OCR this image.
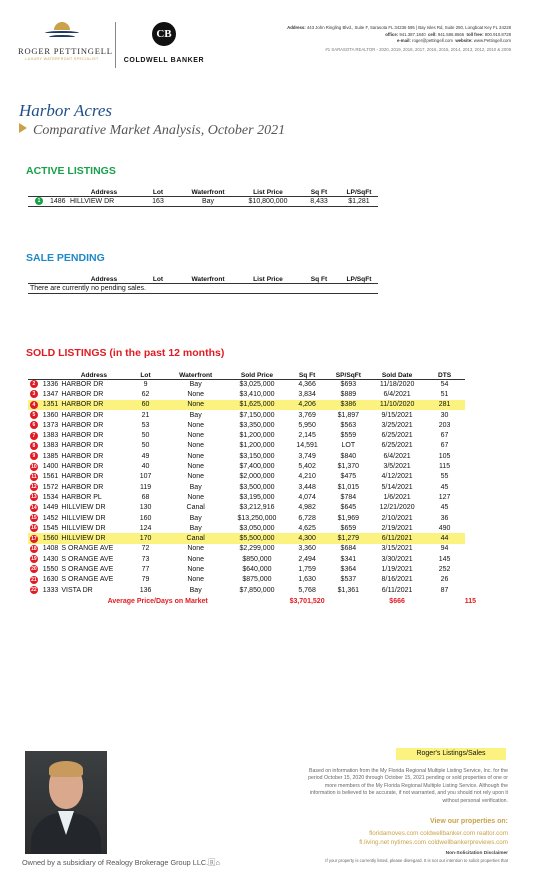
ROGER PETTINGELL
LUXURY WATERFRONT SPECIALIST
CB
COLDWELL BANKER
Address: 443 John Ringling Blvd., Suite F, Sarasota FL 34236 595 | Bay Isles Rd, Suite 250, Longboat Key FL 34228
office: 941.387.1840 cell: 941.586.8666 toll free: 800.910.8728
e-mail: roger@pettingell.com website: www.Pettingell.com
#1 SARASOTA REALTOR - 2020, 2019, 2018, 2017, 2016, 2015, 2014, 2013, 2012, 2010 & 2008
Harbor Acres
Comparative Market Analysis, October 2021
ACTIVE LISTINGS
		Address	Lot	Waterfront	List Price	Sq Ft	LP/SqFt
1	1486	HILLVIEW DR	163	Bay	$10,800,000	8,433	$1,281
SALE PENDING
	Address	Lot	Waterfront	List Price	Sq Ft	LP/SqFt
There are currently no pending sales.
SOLD LISTINGS (in the past 12 months)
		Address	Lot	Waterfront	Sold Price	Sq Ft	SP/SqFt	Sold Date	DTS	
2	1336	HARBOR DR	9	Bay	$3,025,000	4,366	$693	11/18/2020	54	
3	1347	HARBOR DR	62	None	$3,410,000	3,834	$889	6/4/2021	51	
4	1351	HARBOR DR	60	None	$1,625,000	4,206	$386	11/10/2020	281	
5	1360	HARBOR DR	21	Bay	$7,150,000	3,769	$1,897	9/15/2021	30	
6	1373	HARBOR DR	53	None	$3,350,000	5,950	$563	3/25/2021	203	
7	1383	HARBOR DR	50	None	$1,200,000	2,145	$559	6/25/2021	67	
8	1383	HARBOR DR	50	None	$1,200,000	14,591	LOT	6/25/2021	67	
9	1385	HARBOR DR	49	None	$3,150,000	3,749	$840	6/4/2021	105	
10	1400	HARBOR DR	40	None	$7,400,000	5,402	$1,370	3/5/2021	115	
11	1561	HARBOR DR	107	None	$2,000,000	4,210	$475	4/12/2021	55	
12	1572	HARBOR DR	119	Bay	$3,500,000	3,448	$1,015	5/14/2021	45	
13	1534	HARBOR PL	68	None	$3,195,000	4,074	$784	1/6/2021	127	
14	1449	HILLVIEW DR	130	Canal	$3,212,916	4,982	$645	12/21/2020	45	
15	1452	HILLVIEW DR	160	Bay	$13,250,000	6,728	$1,969	2/10/2021	36	
16	1545	HILLVIEW DR	124	Bay	$3,050,000	4,625	$659	2/19/2021	490	
17	1560	HILLVIEW DR	170	Canal	$5,500,000	4,300	$1,279	6/11/2021	44	
18	1408	S ORANGE AVE	72	None	$2,299,000	3,360	$684	3/15/2021	94	
19	1430	S ORANGE AVE	73	None	$850,000	2,494	$341	3/30/2021	145	
20	1550	S ORANGE AVE	77	None	$640,000	1,759	$364	1/19/2021	252	
21	1630	S ORANGE AVE	79	None	$875,000	1,630	$537	8/16/2021	26	
22	1333	VISTA DR	136	Bay	$7,850,000	5,768	$1,361	6/11/2021	87	
Average Price/Days on Market						$3,701,520		$666		115
Owned by a subsidiary of Realogy Brokerage Group LLC.🅁⌂
Roger's Listings/Sales
Based on information from the My Florida Regional Multiple Listing Service, Inc. for the period October 15, 2020 through October 15, 2021 pending or sold properties of one or more members of the My Florida Regional Multiple Listing Service. Although the information is believed to be accurate, if not warranted, and you should not rely upon it without personal verification.
View our properties on:
floridamoves.com coldwellbanker.com realtor.com
fl.living.net nytimes.com coldwellbankerpreviews.com
Non-Solicitation Disclaimer
If your property is currently listed, please disregard. It is not our intention to solicit properties that
